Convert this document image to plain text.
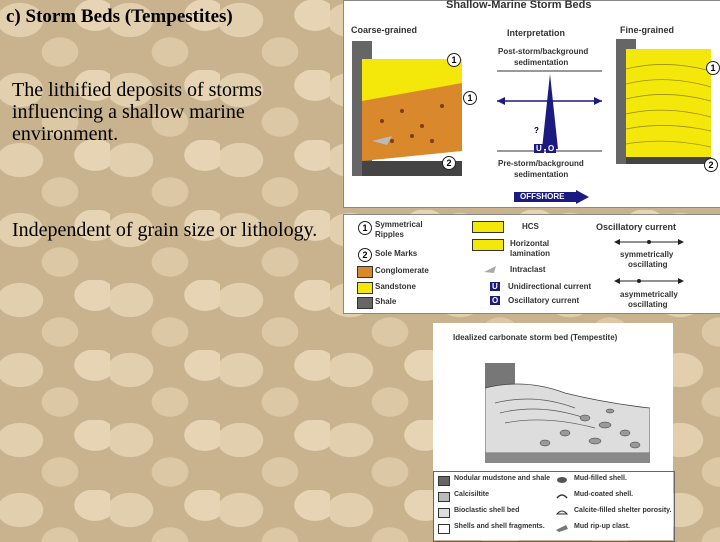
c) Storm Beds (Tempestites)
The lithified deposits of storms influencing a shallow marine environment.
Independent of grain size or lithology.
Shallow-Marine Storm Beds
Coarse-grained	Interpretation	Fine-grained
1
1
2
Post-storm/background
sedimentation
?
U O
Pre-storm/background
sedimentation
OFFSHORE
1
2
1 Symmetrical
Ripples
2 Sole Marks
Conglomerate
Sandstone
Shale
HCS
Horizontal
lamination
Intraclast
U Unidirectional current
O Oscillatory current
Oscillatory current
symmetrically
oscillating
asymmetrically
oscillating
Idealized carbonate storm bed (Tempestite)
Nodular mudstone and shale
Calcisiltite
Bioclastic shell bed
Shells and shell fragments.
Mud-filled shell.
Mud-coated shell.
Calcite-filled shelter porosity.
Mud rip-up clast.
